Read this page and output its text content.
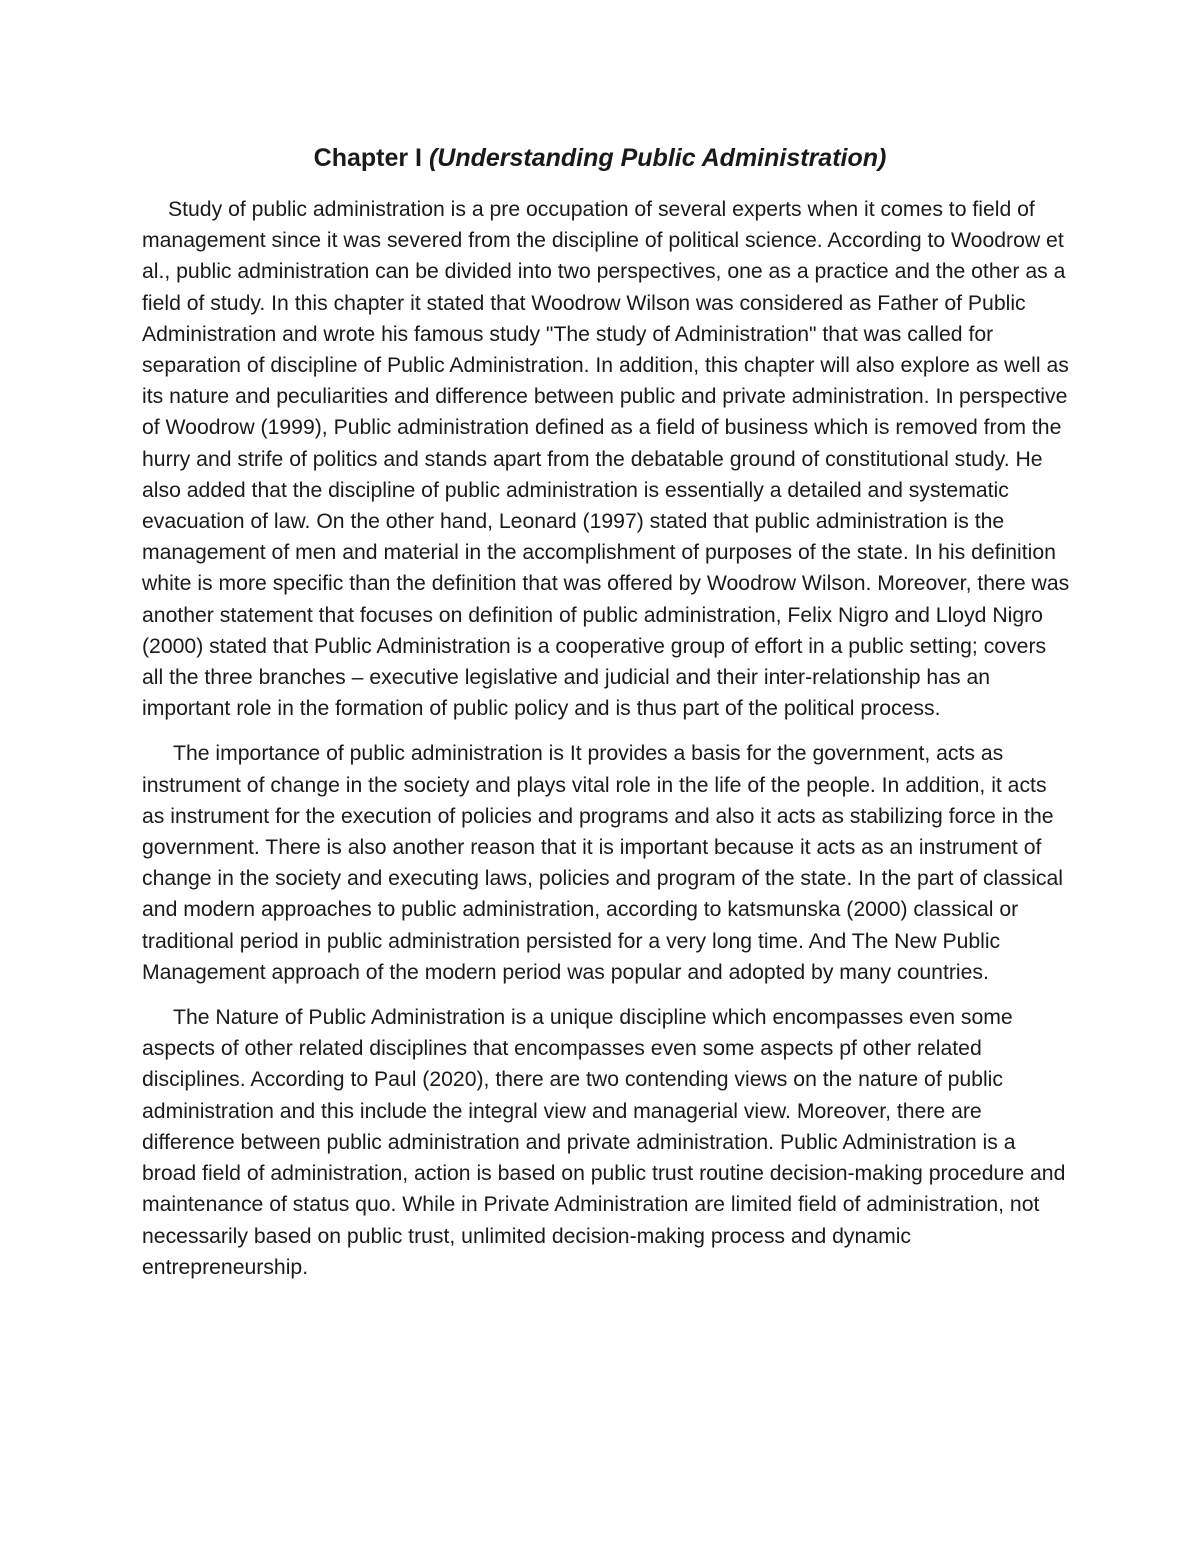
Chapter I (Understanding Public Administration)

Study of public administration is a pre occupation of several experts when it comes to field of management since it was severed from the discipline of political science. According to Woodrow et al., public administration can be divided into two perspectives, one as a practice and the other as a field of study. In this chapter it stated that Woodrow Wilson was considered as Father of Public Administration and wrote his famous study "The study of Administration" that was called for separation of discipline of Public Administration. In addition, this chapter will also explore as well as its nature and peculiarities and difference between public and private administration. In perspective of Woodrow (1999), Public administration defined as a field of business which is removed from the hurry and strife of politics and stands apart from the debatable ground of constitutional study. He also added that the discipline of public administration is essentially a detailed and systematic evacuation of law. On the other hand, Leonard (1997) stated that public administration is the management of men and material in the accomplishment of purposes of the state. In his definition white is more specific than the definition that was offered by Woodrow Wilson. Moreover, there was another statement that focuses on definition of public administration, Felix Nigro and Lloyd Nigro (2000) stated that Public Administration is a cooperative group of effort in a public setting; covers all the three branches – executive legislative and judicial and their inter-relationship has an important role in the formation of public policy and is thus part of the political process.

The importance of public administration is It provides a basis for the government, acts as instrument of change in the society and plays vital role in the life of the people. In addition, it acts as instrument for the execution of policies and programs and also it acts as stabilizing force in the government. There is also another reason that it is important because it acts as an instrument of change in the society and executing laws, policies and program of the state. In the part of classical and modern approaches to public administration, according to katsmunska (2000) classical or traditional period in public administration persisted for a very long time. And The New Public Management approach of the modern period was popular and adopted by many countries.

The Nature of Public Administration is a unique discipline which encompasses even some aspects of other related disciplines that encompasses even some aspects pf other related disciplines. According to Paul (2020), there are two contending views on the nature of public administration and this include the integral view and managerial view. Moreover, there are difference between public administration and private administration. Public Administration is a broad field of administration, action is based on public trust routine decision-making procedure and maintenance of status quo. While in Private Administration are limited field of administration, not necessarily based on public trust, unlimited decision-making process and dynamic entrepreneurship.
